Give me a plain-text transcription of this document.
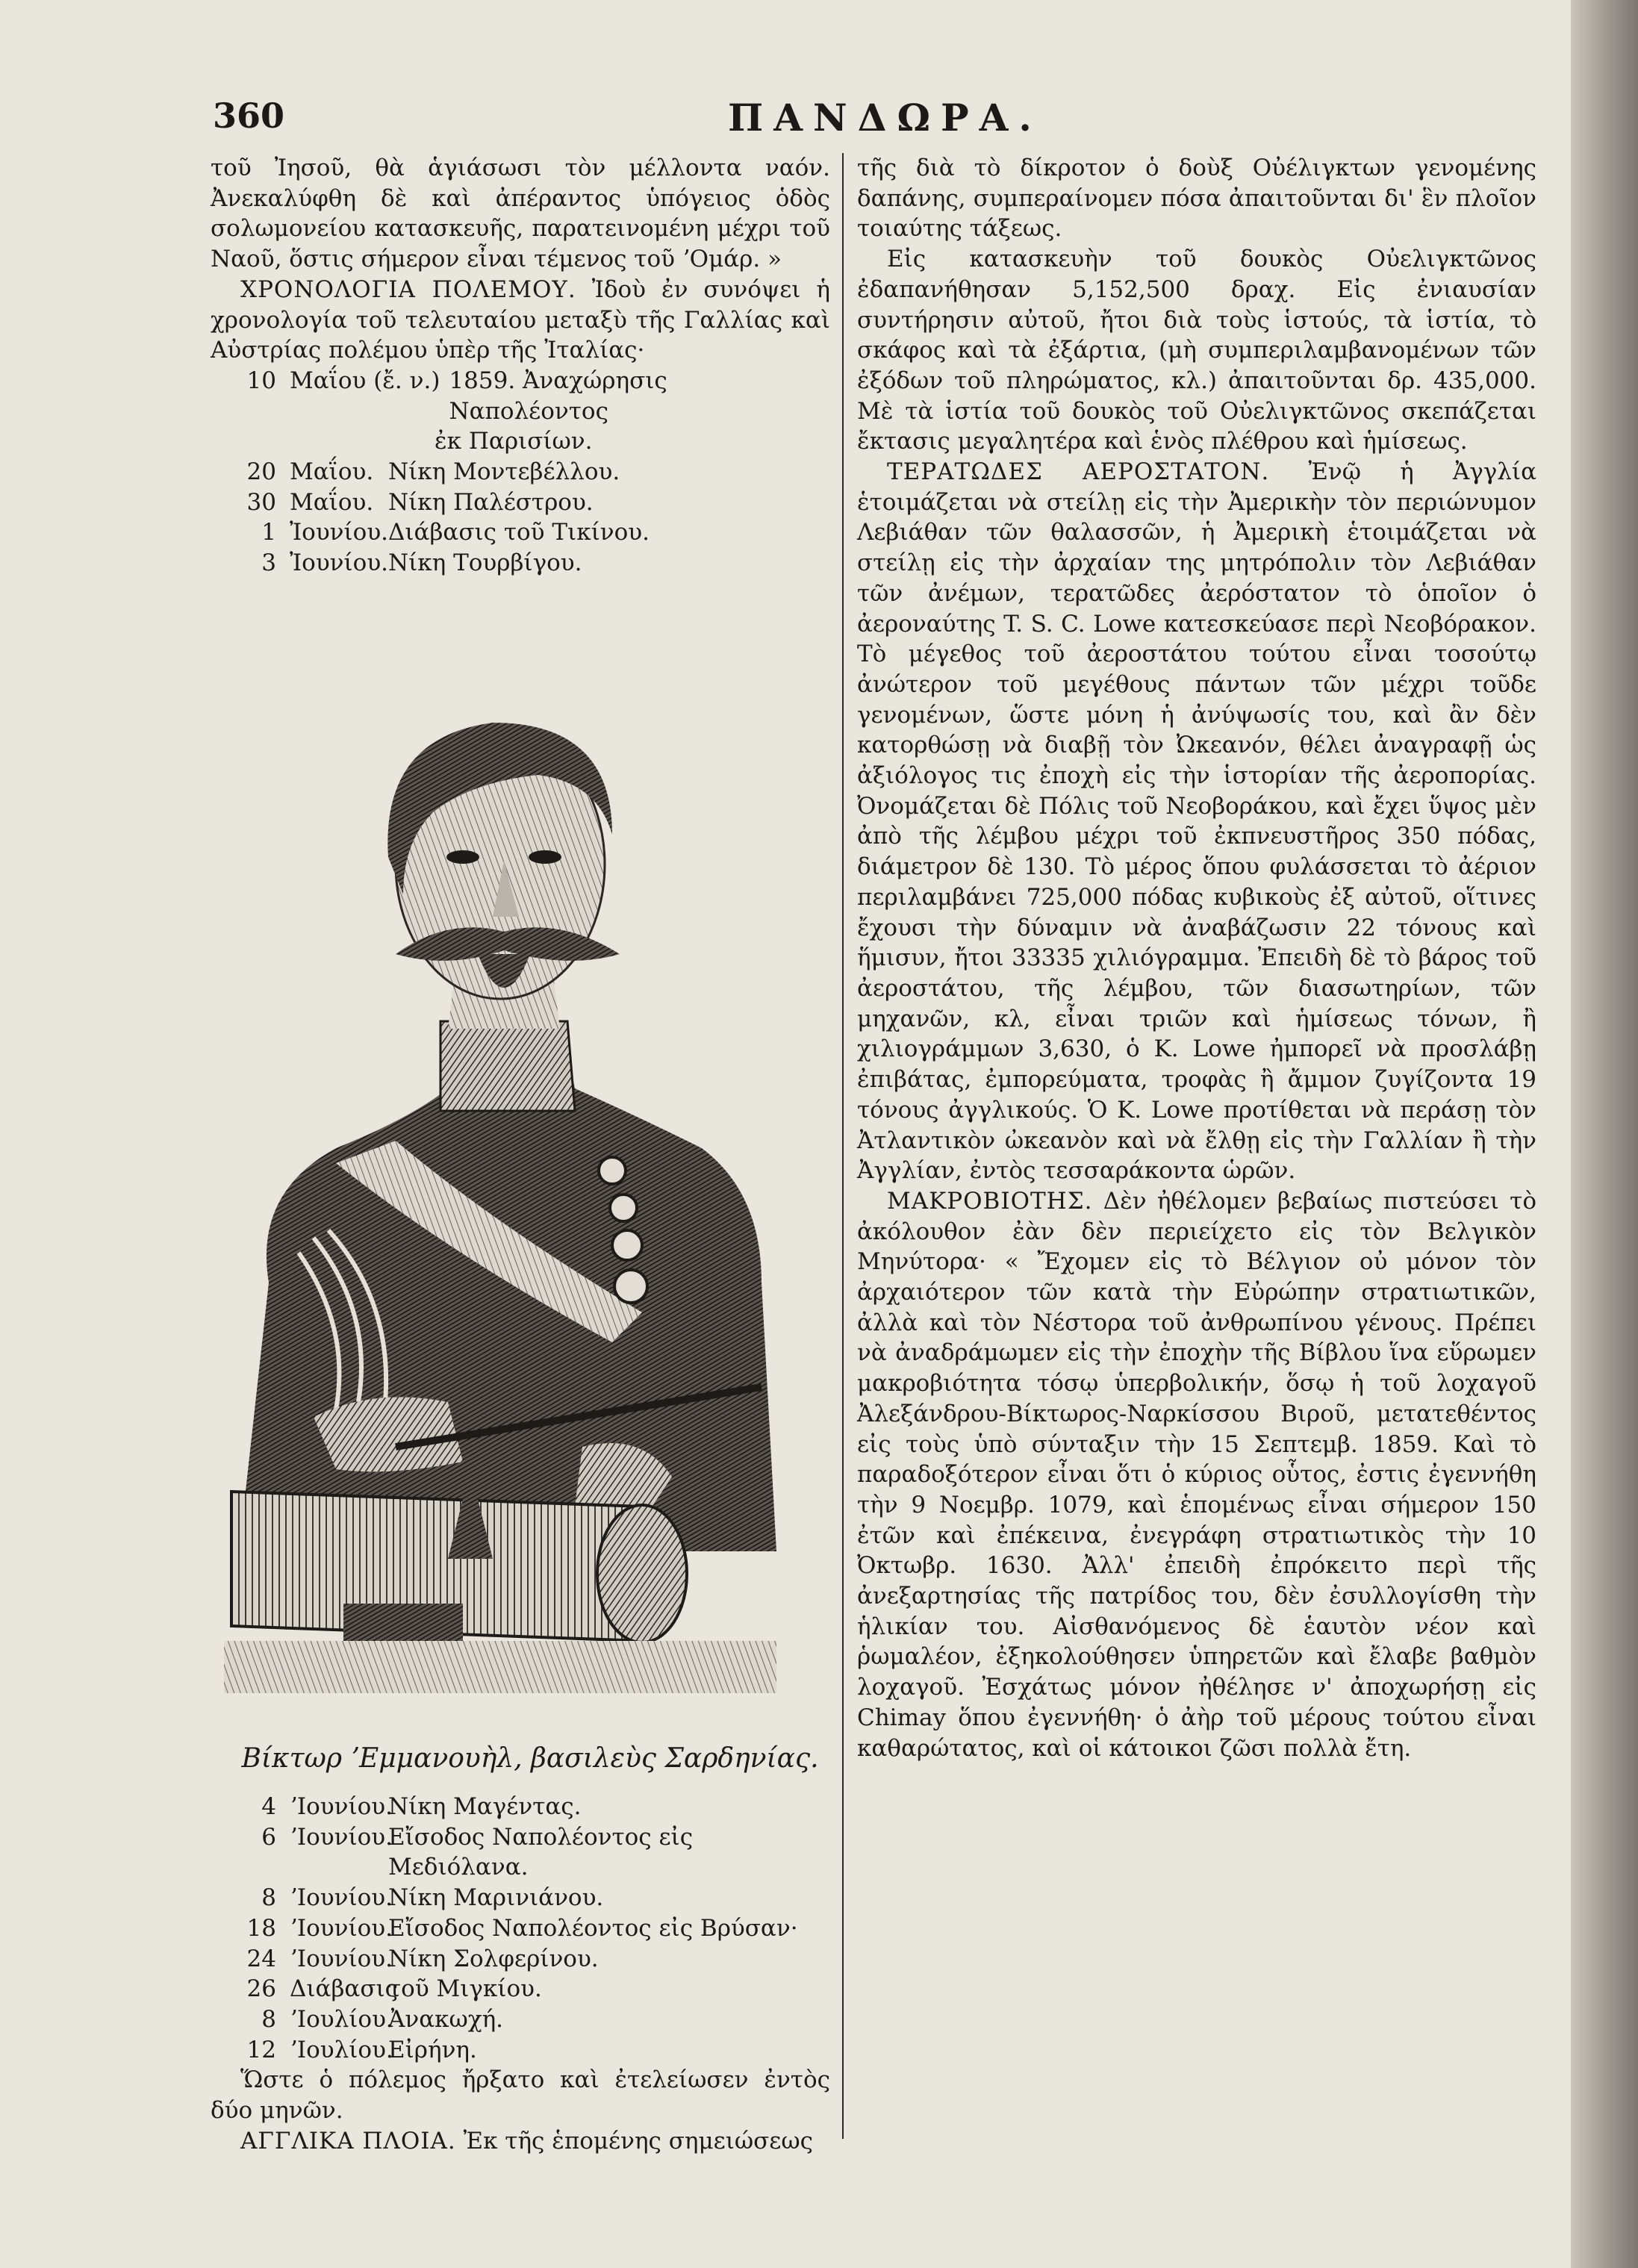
360	ΠΑΝΔΩΡΑ.

τοῦ Ἰησοῦ, θὰ ἁγιάσωσι τὸν μέλλοντα ναόν. Ἀνεκαλύφθη δὲ καὶ ἀπέραντος ὑπόγειος ὁδὸς σολωμονείου κατασκευῆς, παρατεινομένη μέχρι τοῦ Ναοῦ, ὅστις σήμερον εἶναι τέμενος τοῦ ʼΟμάρ. »

ΧΡΟΝΟΛΟΓΙΑ ΠΟΛΕΜΟΥ. Ἰδοὺ ἐν συνόψει ἡ χρονολογία τοῦ τελευταίου μεταξὺ τῆς Γαλλίας καὶ Αὐστρίας πολέμου ὑπὲρ τῆς Ἰταλίας·

10 Μαΐου (ἔ. ν.) 1859. Ἀναχώρησις Ναπολέοντος
ἐκ Παρισίων.
20 Μαΐου. Νίκη Μοντεβέλλου.
30 Μαΐου. Νίκη Παλέστρου.
1 Ἰουνίου. Διάβασις τοῦ Τικίνου.
3 Ἰουνίου. Νίκη Τουρβίγου.
Βίκτωρ ʼΕμμανουὴλ, βασιλεὺς Σαρδηνίας.
4 ʼΙουνίου.
Νίκη Μαγέντας.
6 ʼΙουνίου.
Εἴσοδος Ναπολέοντος εἰς Μεδιόλανα.
8 ʼΙουνίου.
Νίκη Μαρινιάνου.
18 ʼΙουνίου.
Εἴσοδος Ναπολέοντος εἰς Βρύσαν·
24 ʼΙουνίου.
Νίκη Σολφερίνου.
26 Διάβασις
τοῦ Μιγκίου.
8 ʼΙουλίου.
Ἀνακωχή.
12 ʼΙουλίου.
Εἰρήνη.

Ὥστε ὁ πόλεμος ἤρξατο καὶ ἐτελείωσεν ἐντὸς δύο μηνῶν.

ΑΓΓΛΙΚΑ ΠΛΟΙΑ. Ἐκ τῆς ἑπομένης σημειώσεως

τῆς διὰ τὸ δίκροτον ὁ δοὺξ Οὐέλιγκτων γενομένης δαπάνης, συμπεραίνομεν πόσα ἀπαιτοῦνται δι' ἓν πλοῖον τοιαύτης τάξεως.

Εἰς κατασκευὴν τοῦ δουκὸς Οὐελιγκτῶνος ἐδαπανήθησαν 5,152,500 δραχ. Εἰς ἐνιαυσίαν συντήρησιν αὐτοῦ, ἤτοι διὰ τοὺς ἱστούς, τὰ ἱστία, τὸ σκάφος καὶ τὰ ἐξάρτια, (μὴ συμπεριλαμβανομένων τῶν ἐξόδων τοῦ πληρώματος, κλ.) ἀπαιτοῦνται δρ. 435,000. Μὲ τὰ ἱστία τοῦ δουκὸς τοῦ Οὐελιγκτῶνος σκεπάζεται ἔκτασις μεγαλητέρα καὶ ἑνὸς πλέθρου καὶ ἡμίσεως.

ΤΕΡΑΤΩΔΕΣ ΑΕΡΟΣΤΑΤΟΝ. Ἐνῷ ἡ Ἀγγλία ἑτοιμάζεται νὰ στείλῃ εἰς τὴν Ἀμερικὴν τὸν περιώνυμον Λεβιάθαν τῶν θαλασσῶν, ἡ Ἀμερικὴ ἑτοιμάζεται νὰ στείλῃ εἰς τὴν ἀρχαίαν της μητρόπολιν τὸν Λεβιάθαν τῶν ἀνέμων, τερατῶδες ἀερόστατον τὸ ὁποῖον ὁ ἀεροναύτης T. S. C. Lowe κατεσκεύασε περὶ Νεοβόρακον. Τὸ μέγεθος τοῦ ἀεροστάτου τούτου εἶναι τοσούτῳ ἀνώτερον τοῦ μεγέθους πάντων τῶν μέχρι τοῦδε γενομένων, ὥστε μόνη ἡ ἀνύψωσίς του, καὶ ἂν δὲν κατορθώσῃ νὰ διαβῇ τὸν Ὠκεανόν, θέλει ἀναγραφῇ ὡς ἀξιόλογος τις ἐποχὴ εἰς τὴν ἱστορίαν τῆς ἀεροπορίας. Ὀνομάζεται δὲ Πόλις τοῦ Νεοβοράκου, καὶ ἔχει ὕψος μὲν ἀπὸ τῆς λέμβου μέχρι τοῦ ἐκπνευστῆρος 350 πόδας, διάμετρον δὲ 130. Τὸ μέρος ὅπου φυλάσσεται τὸ ἀέριον περιλαμβάνει 725,000 πόδας κυβικοὺς ἐξ αὐτοῦ, οἵτινες ἔχουσι τὴν δύναμιν νὰ ἀναβάζωσιν 22 τόνους καὶ ἥμισυν, ἤτοι 33335 χιλιόγραμμα. Ἐπειδὴ δὲ τὸ βάρος τοῦ ἀεροστάτου, τῆς λέμβου, τῶν διασωτηρίων, τῶν μηχανῶν, κλ, εἶναι τριῶν καὶ ἡμίσεως τόνων, ἢ χιλιογράμμων 3,630, ὁ Κ. Lowe ἠμπορεῖ νὰ προσλάβῃ ἐπιβάτας, ἐμπορεύματα, τροφὰς ἢ ἄμμον ζυγίζοντα 19 τόνους ἀγγλικούς. Ὁ Κ. Lowe προτίθεται νὰ περάσῃ τὸν Ἀτλαντικὸν ὠκεανὸν καὶ νὰ ἔλθῃ εἰς τὴν Γαλλίαν ἢ τὴν Ἀγγλίαν, ἐντὸς τεσσαράκοντα ὡρῶν.

ΜΑΚΡΟΒΙΟΤΗΣ. Δὲν ἠθέλομεν βεβαίως πιστεύσει τὸ ἀκόλουθον ἐὰν δὲν περιείχετο εἰς τὸν Βελγικὸν Μηνύτορα· « Ἔχομεν εἰς τὸ Βέλγιον οὐ μόνον τὸν ἀρχαιότερον τῶν κατὰ τὴν Εὐρώπην στρατιωτικῶν, ἀλλὰ καὶ τὸν Νέστορα τοῦ ἀνθρωπίνου γένους. Πρέπει νὰ ἀναδράμωμεν εἰς τὴν ἐποχὴν τῆς Βίβλου ἵνα εὕρωμεν μακροβιότητα τόσῳ ὑπερβολικήν, ὅσῳ ἡ τοῦ λοχαγοῦ Ἀλεξάνδρου-Βίκτωρος-Ναρκίσσου Βιροῦ, μετατεθέντος εἰς τοὺς ὑπὸ σύνταξιν τὴν 15 Σεπτεμβ. 1859. Καὶ τὸ παραδοξότερον εἶναι ὅτι ὁ κύριος οὗτος, ἐστις ἐγεννήθη τὴν 9 Νοεμβρ. 1079, καὶ ἑπομένως εἶναι σήμερον 150 ἐτῶν καὶ ἐπέκεινα, ἐνεγράφη στρατιωτικὸς τὴν 10 Ὀκτωβρ. 1630. Ἀλλ' ἐπειδὴ ἐπρόκειτο περὶ τῆς ἀνεξαρτησίας τῆς πατρίδος του, δὲν ἐσυλλογίσθη τὴν ἡλικίαν του. Αἰσθανόμενος δὲ ἑαυτὸν νέον καὶ ῥωμαλέον, ἐξηκολούθησεν ὑπηρετῶν καὶ ἔλαβε βαθμὸν λοχαγοῦ. Ἐσχάτως μόνον ἠθέλησε ν' ἀποχωρήσῃ εἰς Chimay ὅπου ἐγεννήθη· ὁ ἀὴρ τοῦ μέρους τούτου εἶναι καθαρώτατος, καὶ οἱ κάτοικοι ζῶσι πολλὰ ἔτη.
